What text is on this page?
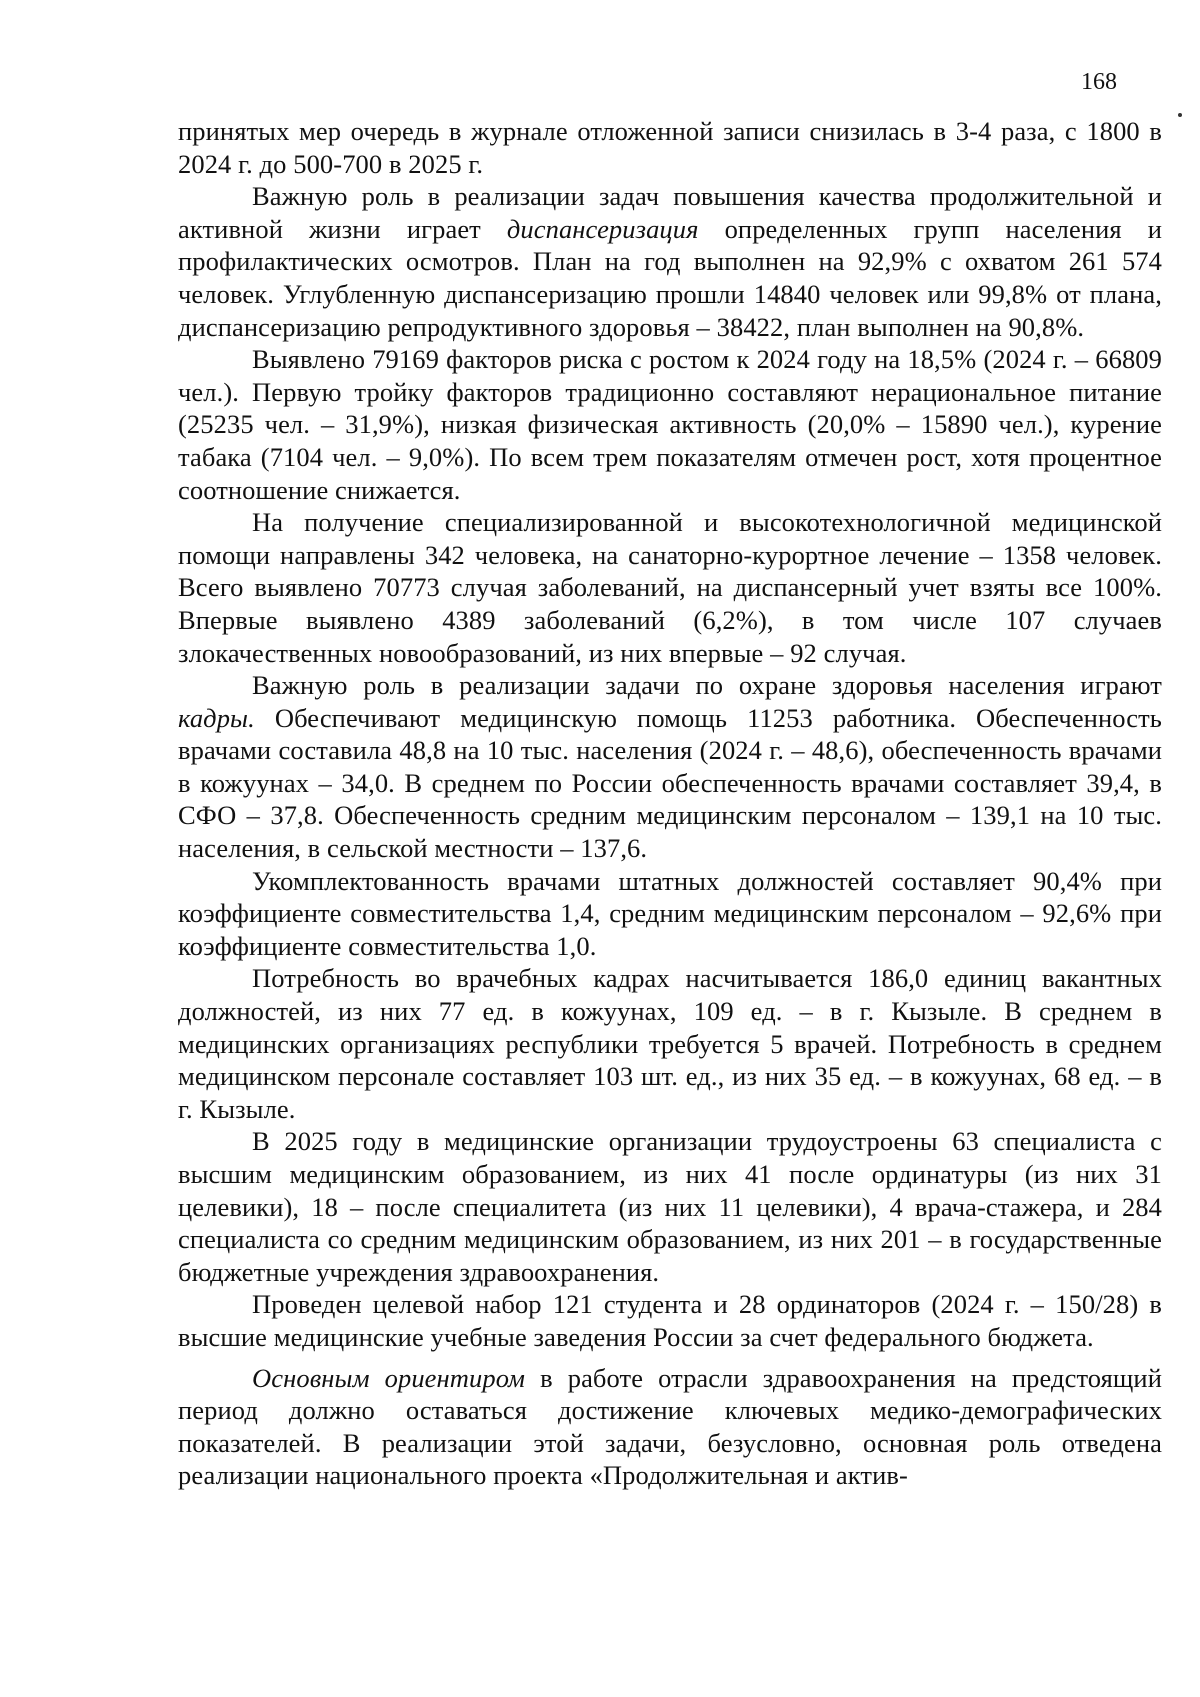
168

принятых мер очередь в журнале отложенной записи снизилась в 3-4 раза, с 1800 в 2024 г. до 500-700 в 2025 г.

Важную роль в реализации задач повышения качества продолжительной и активной жизни играет диспансеризация определенных групп населения и профилактических осмотров. План на год выполнен на 92,9% с охватом 261 574 человек. Углубленную диспансеризацию прошли 14840 человек или 99,8% от плана, диспансеризацию репродуктивного здоровья – 38422, план выполнен на 90,8%.

Выявлено 79169 факторов риска с ростом к 2024 году на 18,5% (2024 г. – 66809 чел.). Первую тройку факторов традиционно составляют нерациональное питание (25235 чел. – 31,9%), низкая физическая активность (20,0% – 15890 чел.), курение табака (7104 чел. – 9,0%). По всем трем показателям отмечен рост, хотя процентное соотношение снижается.

На получение специализированной и высокотехнологичной медицинской помощи направлены 342 человека, на санаторно-курортное лечение – 1358 человек. Всего выявлено 70773 случая заболеваний, на диспансерный учет взяты все 100%. Впервые выявлено 4389 заболеваний (6,2%), в том числе 107 случаев злокачественных новообразований, из них впервые – 92 случая.

Важную роль в реализации задачи по охране здоровья населения играют кадры. Обеспечивают медицинскую помощь 11253 работника. Обеспеченность врачами составила 48,8 на 10 тыс. населения (2024 г. – 48,6), обеспеченность врачами в кожуунах – 34,0. В среднем по России обеспеченность врачами составляет 39,4, в СФО – 37,8. Обеспеченность средним медицинским персоналом – 139,1 на 10 тыс. населения, в сельской местности – 137,6.

Укомплектованность врачами штатных должностей составляет 90,4% при коэффициенте совместительства 1,4, средним медицинским персоналом – 92,6% при коэффициенте совместительства 1,0.

Потребность во врачебных кадрах насчитывается 186,0 единиц вакантных должностей, из них 77 ед. в кожуунах, 109 ед. – в г. Кызыле. В среднем в медицинских организациях республики требуется 5 врачей. Потребность в среднем медицинском персонале составляет 103 шт. ед., из них 35 ед. – в кожуунах, 68 ед. – в г. Кызыле.

В 2025 году в медицинские организации трудоустроены 63 специалиста с высшим медицинским образованием, из них 41 после ординатуры (из них 31 целевики), 18 – после специалитета (из них 11 целевики), 4 врача-стажера, и 284 специалиста со средним медицинским образованием, из них 201 – в государственные бюджетные учреждения здравоохранения.

Проведен целевой набор 121 студента и 28 ординаторов (2024 г. – 150/28) в высшие медицинские учебные заведения России за счет федерального бюджета.

Основным ориентиром в работе отрасли здравоохранения на предстоящий период должно оставаться достижение ключевых медико-демографических показателей. В реализации этой задачи, безусловно, основная роль отведена реализации национального проекта «Продолжительная и актив-
